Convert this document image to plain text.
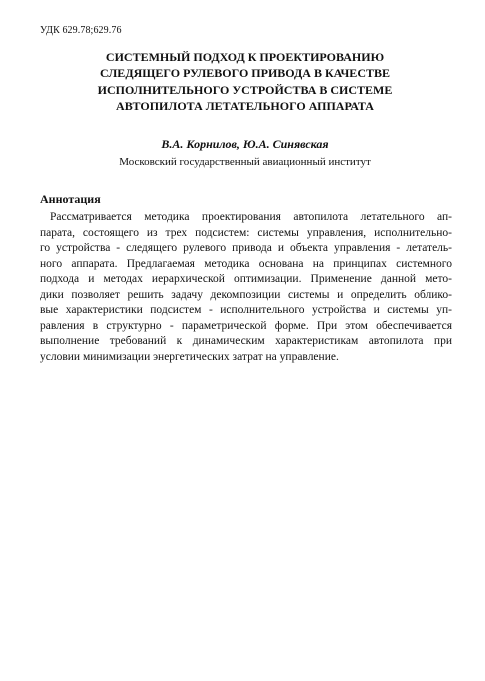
УДК 629.78;629.76
СИСТЕМНЫЙ ПОДХОД К ПРОЕКТИРОВАНИЮ
СЛЕДЯЩЕГО РУЛЕВОГО ПРИВОДА В КАЧЕСТВЕ
ИСПОЛНИТЕЛЬНОГО УСТРОЙСТВА В СИСТЕМЕ
АВТОПИЛОТА ЛЕТАТЕЛЬНОГО АППАРАТА
В.А. Корнилов, Ю.А. Синявская
Московский государственный авиационный институт
Аннотация
Рассматривается методика проектирования автопилота летательного ап-
парата, состоящего из трех подсистем: системы управления, исполнительно-
го устройства - следящего рулевого привода и объекта управления - летатель-
ного аппарата. Предлагаемая методика основана на принципах системного
подхода и методах иерархической оптимизации. Применение данной мето-
дики позволяет решить задачу декомпозиции системы и определить облико-
вые характеристики подсистем - исполнительного устройства и системы уп-
равления в структурно - параметрической форме. При этом обеспечивается
выполнение требований к динамическим характеристикам автопилота при
условии минимизации энергетических затрат на управление.
